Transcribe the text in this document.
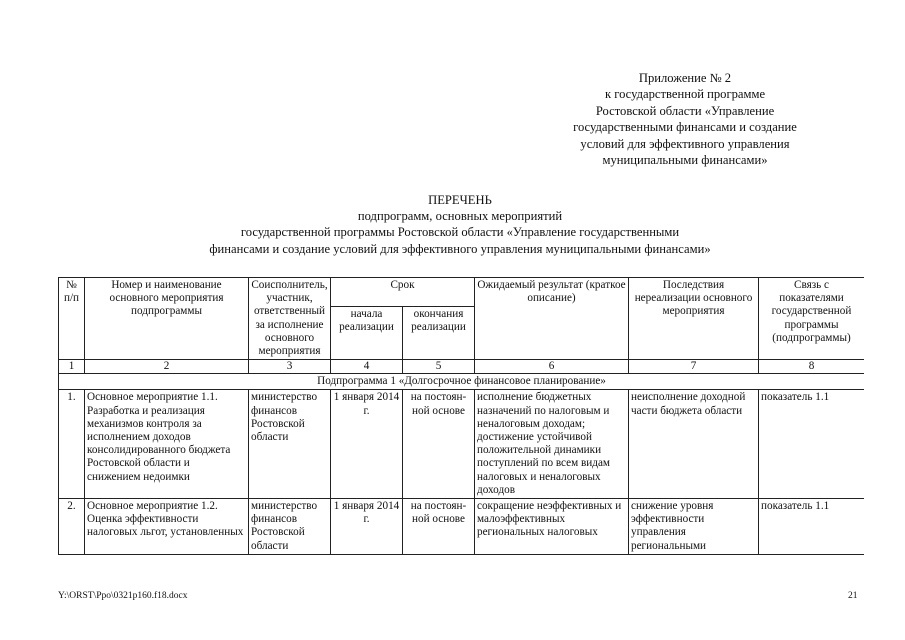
Приложение № 2
к государственной программе
Ростовской области «Управление
государственными финансами и создание
условий для эффективного управления
муниципальными финансами»
ПЕРЕЧЕНЬ
подпрограмм, основных мероприятий
государственной программы Ростовской области «Управление государственными
финансами и создание условий для эффективного управления муниципальными финансами»
№ п/п	Номер и наименование основного мероприятия подпрограммы	Соисполнитель, участник, ответственный за исполнение основного мероприятия	Срок		Ожидаемый результат (краткое описание)	Последствия нереализации основного мероприятия	Связь с показателями государственной программы (подпрограммы)
			начала реализации	окончания реализации			
1	2	3	4	5	6	7	8
Подпрограмма 1 «Долгосрочное финансовое планирование»							
1.	Основное мероприятие 1.1. Разработка и реализация механизмов контроля за исполнением доходов консолидированного бюджета Ростовской области и снижением недоимки	министерство финансов Ростовской области	1 января 2014 г.	на постоян-ной основе	исполнение бюджетных назначений по налоговым и неналоговым доходам; достижение устойчивой положительной динамики поступлений по всем видам налоговых и неналоговых доходов	неисполнение доходной части бюджета области	показатель 1.1
2.	Основное мероприятие 1.2. Оценка эффективности налоговых льгот, установленных	министерство финансов Ростовской области	1 января 2014 г.	на постоян-ной основе	сокращение неэффективных и малоэффективных региональных налоговых	снижение уровня эффективности управления региональными	показатель 1.1
Y:\ORST\Ppo\0321p160.f18.docx	21
